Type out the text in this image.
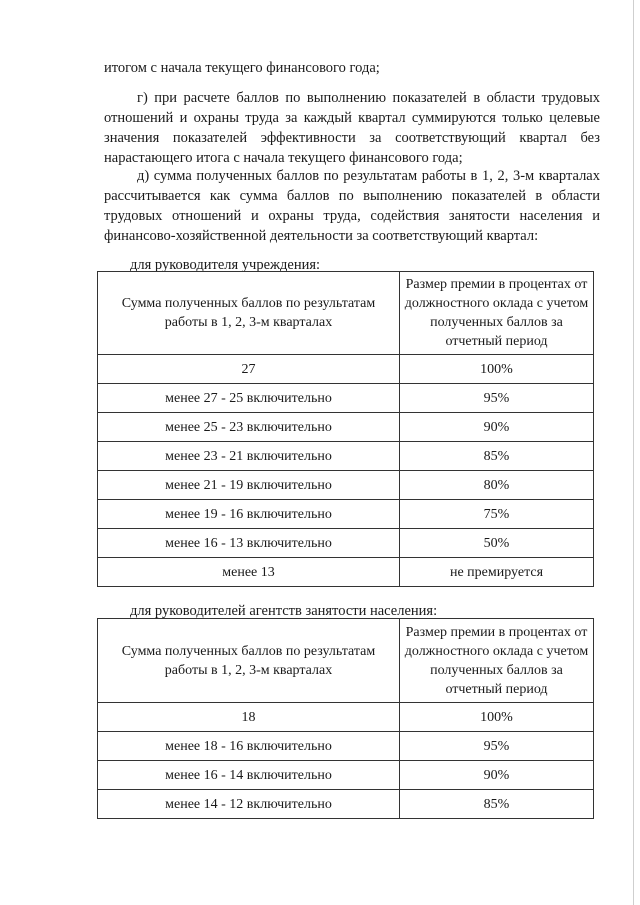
итогом с начала текущего финансового года;

г) при расчете баллов по выполнению показателей в области трудовых отношений и охраны труда за каждый квартал суммируются только целевые значения показателей эффективности за соответствующий квартал без нарастающего итога с начала текущего финансового года;

д) сумма полученных баллов по результатам работы в 1, 2, 3-м кварталах рассчитывается как сумма баллов по выполнению показателей в области трудовых отношений и охраны труда, содействия занятости населения и финансово-хозяйственной деятельности за соответствующий квартал:

для руководителя учреждения:
Сумма полученных баллов по результатам работы в 1, 2, 3-м кварталах	Размер премии в процентах от должностного оклада с учетом полученных баллов за отчетный период
27	100%
менее 27 - 25 включительно	95%
менее 25 - 23 включительно	90%
менее 23 - 21 включительно	85%
менее 21 - 19 включительно	80%
менее 19 - 16 включительно	75%
менее 16 - 13 включительно	50%
менее 13	не премируется
для руководителей агентств занятости населения:
Сумма полученных баллов по результатам работы в 1, 2, 3-м кварталах	Размер премии в процентах от должностного оклада с учетом полученных баллов за отчетный период
18	100%
менее 18 - 16 включительно	95%
менее 16 - 14 включительно	90%
менее 14 - 12 включительно	85%
